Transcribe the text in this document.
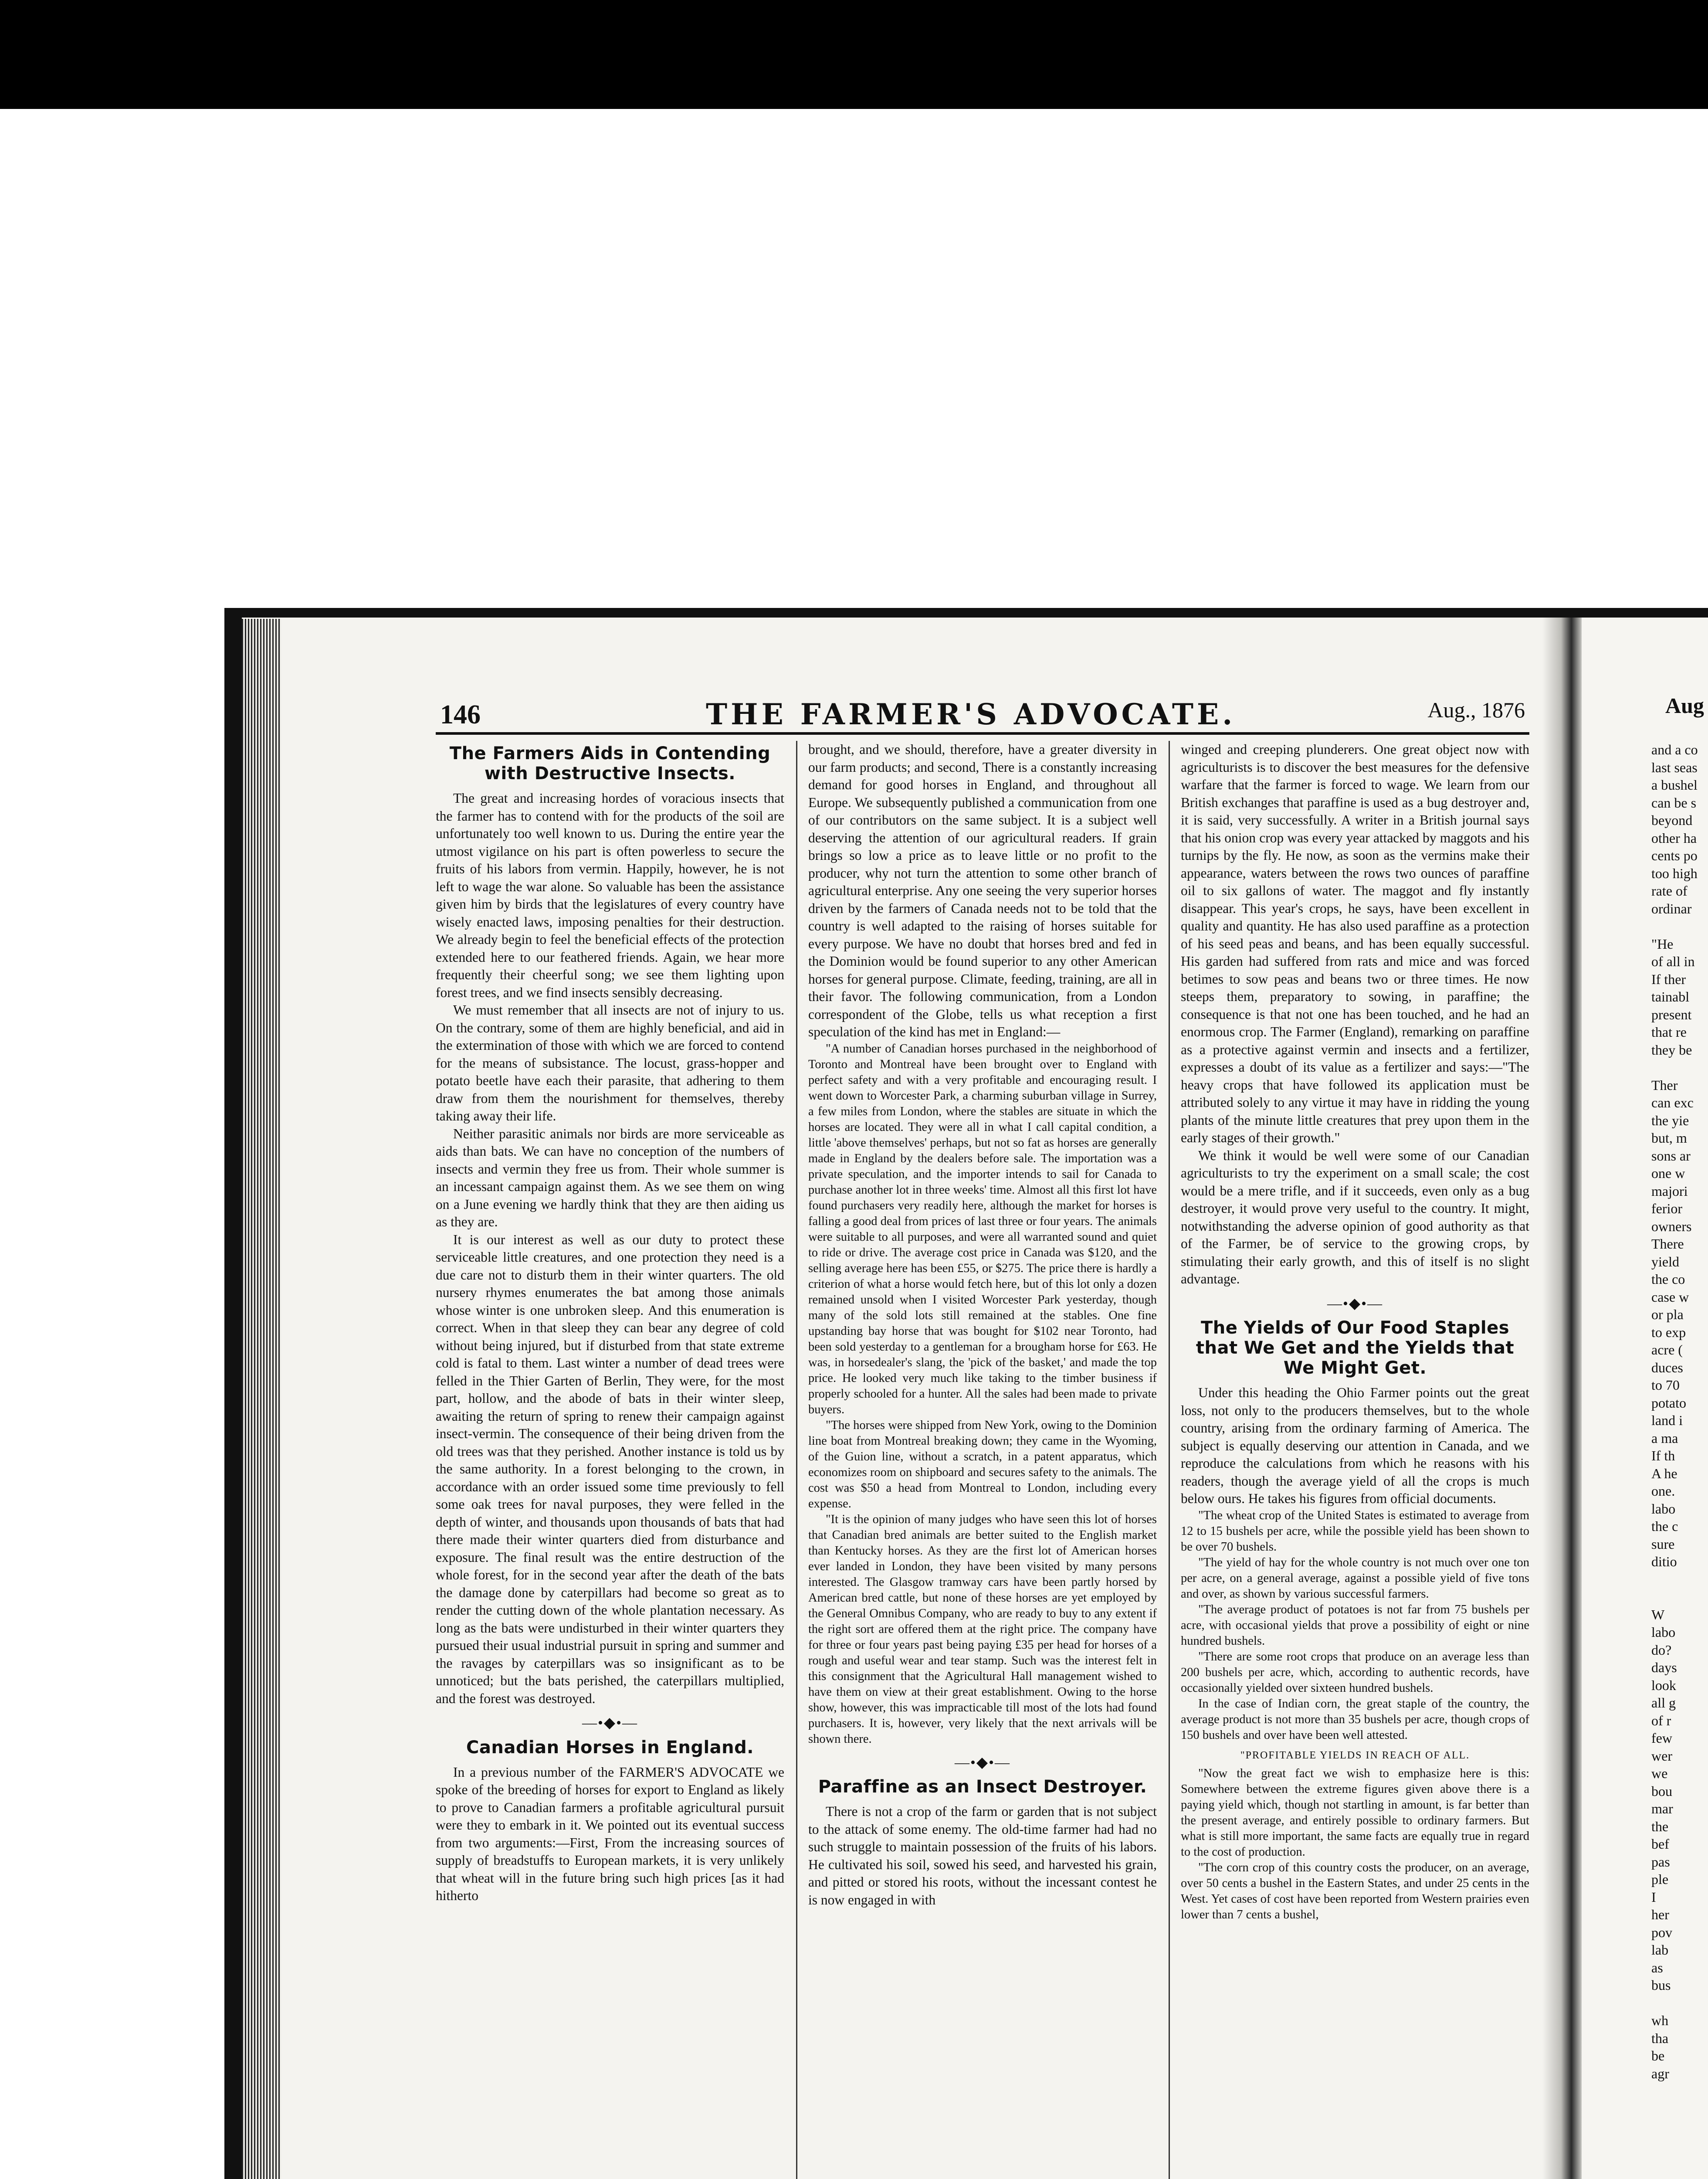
Aug
and a co
last seas
a bushel
can be s
beyond
other ha
cents po
too high
rate of
ordinar
"He
of all in
If ther
tainabl
present
that re
they be
Ther
can exc
the yie
but, m
sons ar
one w
majori
ferior
owners
There
yield
the co
case w
or pla
to exp
acre (
duces
to 70
potato
land i
a ma
If th
A he
one.
labo
the c
sure
ditio
W
labo
do?
days
look
all g
of r
few
wer
we
bou
mar
the
bef
pas
ple
I
her
pov
lab
as
bus
wh
tha
be
agr
146	THE FARMER'S ADVOCATE.	Aug., 1876
The Farmers Aids in Contending with Destructive Insects.

The great and increasing hordes of voracious insects that the farmer has to contend with for the products of the soil are unfortunately too well known to us. During the entire year the utmost vigilance on his part is often powerless to secure the fruits of his labors from vermin. Happily, however, he is not left to wage the war alone. So valuable has been the assistance given him by birds that the legislatures of every country have wisely enacted laws, imposing penalties for their destruction. We already begin to feel the beneficial effects of the protection extended here to our feathered friends. Again, we hear more frequently their cheerful song; we see them lighting upon forest trees, and we find insects sensibly decreasing.

We must remember that all insects are not of injury to us. On the contrary, some of them are highly beneficial, and aid in the extermination of those with which we are forced to contend for the means of subsistance. The locust, grass-hopper and potato beetle have each their parasite, that adhering to them draw from them the nourishment for themselves, thereby taking away their life.

Neither parasitic animals nor birds are more serviceable as aids than bats. We can have no conception of the numbers of insects and vermin they free us from. Their whole summer is an incessant campaign against them. As we see them on wing on a June evening we hardly think that they are then aiding us as they are.

It is our interest as well as our duty to protect these serviceable little creatures, and one protection they need is a due care not to disturb them in their winter quarters. The old nursery rhymes enumerates the bat among those animals whose winter is one unbroken sleep. And this enumeration is correct. When in that sleep they can bear any degree of cold without being injured, but if disturbed from that state extreme cold is fatal to them. Last winter a number of dead trees were felled in the Thier Garten of Berlin, They were, for the most part, hollow, and the abode of bats in their winter sleep, awaiting the return of spring to renew their campaign against insect-vermin. The consequence of their being driven from the old trees was that they perished. Another instance is told us by the same authority. In a forest belonging to the crown, in accordance with an order issued some time previously to fell some oak trees for naval purposes, they were felled in the depth of winter, and thousands upon thousands of bats that had there made their winter quarters died from disturbance and exposure. The final result was the entire destruction of the whole forest, for in the second year after the death of the bats the damage done by caterpillars had become so great as to render the cutting down of the whole plantation necessary. As long as the bats were undisturbed in their winter quarters they pursued their usual industrial pursuit in spring and summer and the ravages by caterpillars was so insignificant as to be unnoticed; but the bats perished, the caterpillars multiplied, and the forest was destroyed.

—•◆•—
Canadian Horses in England.

In a previous number of the FARMER'S ADVOCATE we spoke of the breeding of horses for export to England as likely to prove to Canadian farmers a profitable agricultural pursuit were they to embark in it. We pointed out its eventual success from two arguments:—First, From the increasing sources of supply of breadstuffs to European markets, it is very unlikely that wheat will in the future bring such high prices [as it had hitherto

brought, and we should, therefore, have a greater diversity in our farm products; and second, There is a constantly increasing demand for good horses in England, and throughout all Europe. We subsequently published a communication from one of our contributors on the same subject. It is a subject well deserving the attention of our agricultural readers. If grain brings so low a price as to leave little or no profit to the producer, why not turn the attention to some other branch of agricultural enterprise. Any one seeing the very superior horses driven by the farmers of Canada needs not to be told that the country is well adapted to the raising of horses suitable for every purpose. We have no doubt that horses bred and fed in the Dominion would be found superior to any other American horses for general purpose. Climate, feeding, training, are all in their favor. The following communication, from a London correspondent of the Globe, tells us what reception a first speculation of the kind has met in England:—

"A number of Canadian horses purchased in the neighborhood of Toronto and Montreal have been brought over to England with perfect safety and with a very profitable and encouraging result. I went down to Worcester Park, a charming suburban village in Surrey, a few miles from London, where the stables are situate in which the horses are located. They were all in what I call capital condition, a little 'above themselves' perhaps, but not so fat as horses are generally made in England by the dealers before sale. The importation was a private speculation, and the importer intends to sail for Canada to purchase another lot in three weeks' time. Almost all this first lot have found purchasers very readily here, although the market for horses is falling a good deal from prices of last three or four years. The animals were suitable to all purposes, and were all warranted sound and quiet to ride or drive. The average cost price in Canada was $120, and the selling average here has been £55, or $275. The price there is hardly a criterion of what a horse would fetch here, but of this lot only a dozen remained unsold when I visited Worcester Park yesterday, though many of the sold lots still remained at the stables. One fine upstanding bay horse that was bought for $102 near Toronto, had been sold yesterday to a gentleman for a brougham horse for £63. He was, in horsedealer's slang, the 'pick of the basket,' and made the top price. He looked very much like taking to the timber business if properly schooled for a hunter. All the sales had been made to private buyers.

"The horses were shipped from New York, owing to the Dominion line boat from Montreal breaking down; they came in the Wyoming, of the Guion line, without a scratch, in a patent apparatus, which economizes room on shipboard and secures safety to the animals. The cost was $50 a head from Montreal to London, including every expense.

"It is the opinion of many judges who have seen this lot of horses that Canadian bred animals are better suited to the English market than Kentucky horses. As they are the first lot of American horses ever landed in London, they have been visited by many persons interested. The Glasgow tramway cars have been partly horsed by American bred cattle, but none of these horses are yet employed by the General Omnibus Company, who are ready to buy to any extent if the right sort are offered them at the right price. The company have for three or four years past being paying £35 per head for horses of a rough and useful wear and tear stamp. Such was the interest felt in this consignment that the Agricultural Hall management wished to have them on view at their great establishment. Owing to the horse show, however, this was impracticable till most of the lots had found purchasers. It is, however, very likely that the next arrivals will be shown there.

—•◆•—
Paraffine as an Insect Destroyer.

There is not a crop of the farm or garden that is not subject to the attack of some enemy. The old-time farmer had had no such struggle to maintain possession of the fruits of his labors. He cultivated his soil, sowed his seed, and harvested his grain, and pitted or stored his roots, without the incessant contest he is now engaged in with

winged and creeping plunderers. One great object now with agriculturists is to discover the best measures for the defensive warfare that the farmer is forced to wage. We learn from our British exchanges that paraffine is used as a bug destroyer and, it is said, very successfully. A writer in a British journal says that his onion crop was every year attacked by maggots and his turnips by the fly. He now, as soon as the vermins make their appearance, waters between the rows two ounces of paraffine oil to six gallons of water. The maggot and fly instantly disappear. This year's crops, he says, have been excellent in quality and quantity. He has also used paraffine as a protection of his seed peas and beans, and has been equally successful. His garden had suffered from rats and mice and was forced betimes to sow peas and beans two or three times. He now steeps them, preparatory to sowing, in paraffine; the consequence is that not one has been touched, and he had an enormous crop. The Farmer (England), remarking on paraffine as a protective against vermin and insects and a fertilizer, expresses a doubt of its value as a fertilizer and says:—"The heavy crops that have followed its application must be attributed solely to any virtue it may have in ridding the young plants of the minute little creatures that prey upon them in the early stages of their growth."

We think it would be well were some of our Canadian agriculturists to try the experiment on a small scale; the cost would be a mere trifle, and if it succeeds, even only as a bug destroyer, it would prove very useful to the country. It might, notwithstanding the adverse opinion of good authority as that of the Farmer, be of service to the growing crops, by stimulating their early growth, and this of itself is no slight advantage.

—•◆•—
The Yields of Our Food Staples that We Get and the Yields that We Might Get.

Under this heading the Ohio Farmer points out the great loss, not only to the producers themselves, but to the whole country, arising from the ordinary farming of America. The subject is equally deserving our attention in Canada, and we reproduce the calculations from which he reasons with his readers, though the average yield of all the crops is much below ours. He takes his figures from official documents.

"The wheat crop of the United States is estimated to average from 12 to 15 bushels per acre, while the possible yield has been shown to be over 70 bushels.

"The yield of hay for the whole country is not much over one ton per acre, on a general average, against a possible yield of five tons and over, as shown by various successful farmers.

"The average product of potatoes is not far from 75 bushels per acre, with occasional yields that prove a possibility of eight or nine hundred bushels.

"There are some root crops that produce on an average less than 200 bushels per acre, which, according to authentic records, have occasionally yielded over sixteen hundred bushels.

In the case of Indian corn, the great staple of the country, the average product is not more than 35 bushels per acre, though crops of 150 bushels and over have been well attested.

"PROFITABLE YIELDS IN REACH OF ALL.

"Now the great fact we wish to emphasize here is this: Somewhere between the extreme figures given above there is a paying yield which, though not startling in amount, is far better than the present average, and entirely possible to ordinary farmers. But what is still more important, the same facts are equally true in regard to the cost of production.

"The corn crop of this country costs the producer, on an average, over 50 cents a bushel in the Eastern States, and under 25 cents in the West. Yet cases of cost have been reported from Western prairies even lower than 7 cents a bushel,
